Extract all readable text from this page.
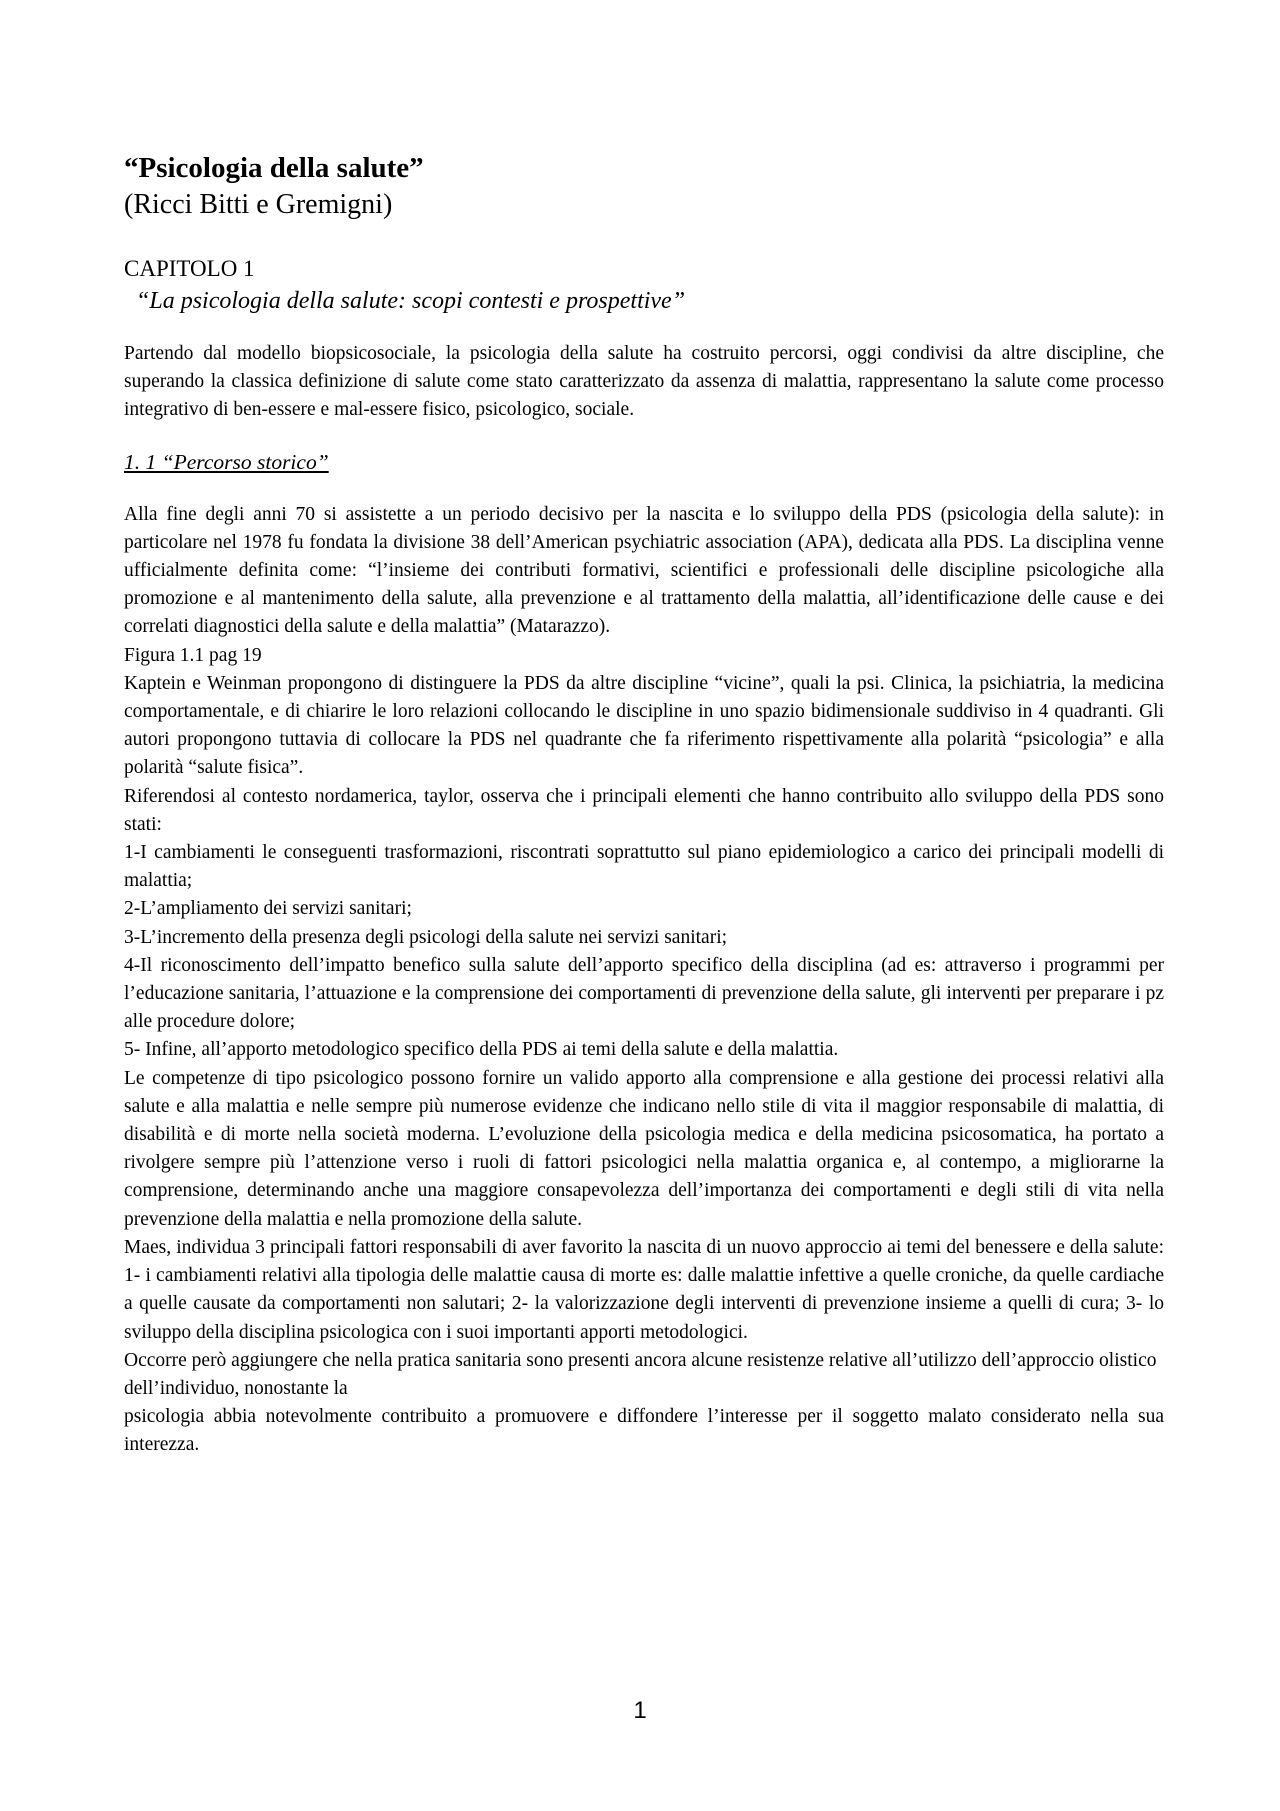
“Psicologia della salute”
(Ricci Bitti e Gremigni)
CAPITOLO 1
“La psicologia della salute: scopi contesti e prospettive”

Partendo dal modello biopsicosociale, la psicologia della salute ha costruito percorsi, oggi condivisi da altre discipline, che superando la classica definizione di salute come stato caratterizzato da assenza di malattia, rappresentano la salute come processo integrativo di ben-essere e mal-essere fisico, psicologico, sociale.

1. 1 “Percorso storico”

Alla fine degli anni 70 si assistette a un periodo decisivo per la nascita e lo sviluppo della PDS (psicologia della salute): in particolare nel 1978 fu fondata la divisione 38 dell’American psychiatric association (APA), dedicata alla PDS. La disciplina venne ufficialmente definita come: “l’insieme dei contributi formativi, scientifici e professionali delle discipline psicologiche alla promozione e al mantenimento della salute, alla prevenzione e al trattamento della malattia, all’identificazione delle cause e dei correlati diagnostici della salute e della malattia” (Matarazzo).

Figura 1.1 pag 19

Kaptein e Weinman propongono di distinguere la PDS da altre discipline “vicine”, quali la psi. Clinica, la psichiatria, la medicina comportamentale, e di chiarire le loro relazioni collocando le discipline in uno spazio bidimensionale suddiviso in 4 quadranti. Gli autori propongono tuttavia di collocare la PDS nel quadrante che fa riferimento rispettivamente alla polarità “psicologia” e alla polarità “salute fisica”.

Riferendosi al contesto nordamerica, taylor, osserva che i principali elementi che hanno contribuito allo sviluppo della PDS sono stati:

1-I cambiamenti le conseguenti trasformazioni, riscontrati soprattutto sul piano epidemiologico a carico dei principali modelli di malattia;

2-L’ampliamento dei servizi sanitari;

3-L’incremento della presenza degli psicologi della salute nei servizi sanitari;

4-Il riconoscimento dell’impatto benefico sulla salute dell’apporto specifico della disciplina (ad es: attraverso i programmi per l’educazione sanitaria, l’attuazione e la comprensione dei comportamenti di prevenzione della salute, gli interventi per preparare i pz alle procedure dolore;

5- Infine, all’apporto metodologico specifico della PDS ai temi della salute e della malattia.

Le competenze di tipo psicologico possono fornire un valido apporto alla comprensione e alla gestione dei processi relativi alla salute e alla malattia e nelle sempre più numerose evidenze che indicano nello stile di vita il maggior responsabile di malattia, di disabilità e di morte nella società moderna. L’evoluzione della psicologia medica e della medicina psicosomatica, ha portato a rivolgere sempre più l’attenzione verso i ruoli di fattori psicologici nella malattia organica e, al contempo, a migliorarne la comprensione, determinando anche una maggiore consapevolezza dell’importanza dei comportamenti e degli stili di vita nella prevenzione della malattia e nella promozione della salute.

Maes, individua 3 principali fattori responsabili di aver favorito la nascita di un nuovo approccio ai temi del benessere e della salute: 1- i cambiamenti relativi alla tipologia delle malattie causa di morte es: dalle malattie infettive a quelle croniche, da quelle cardiache a quelle causate da comportamenti non salutari; 2- la valorizzazione degli interventi di prevenzione insieme a quelli di cura; 3- lo sviluppo della disciplina psicologica con i suoi importanti apporti metodologici.

Occorre però aggiungere che nella pratica sanitaria sono presenti ancora alcune resistenze relative all’utilizzo dell’approccio olistico dell’individuo, nonostante la

psicologia abbia notevolmente contribuito a promuovere e diffondere l’interesse per il soggetto malato considerato nella sua interezza.

1
